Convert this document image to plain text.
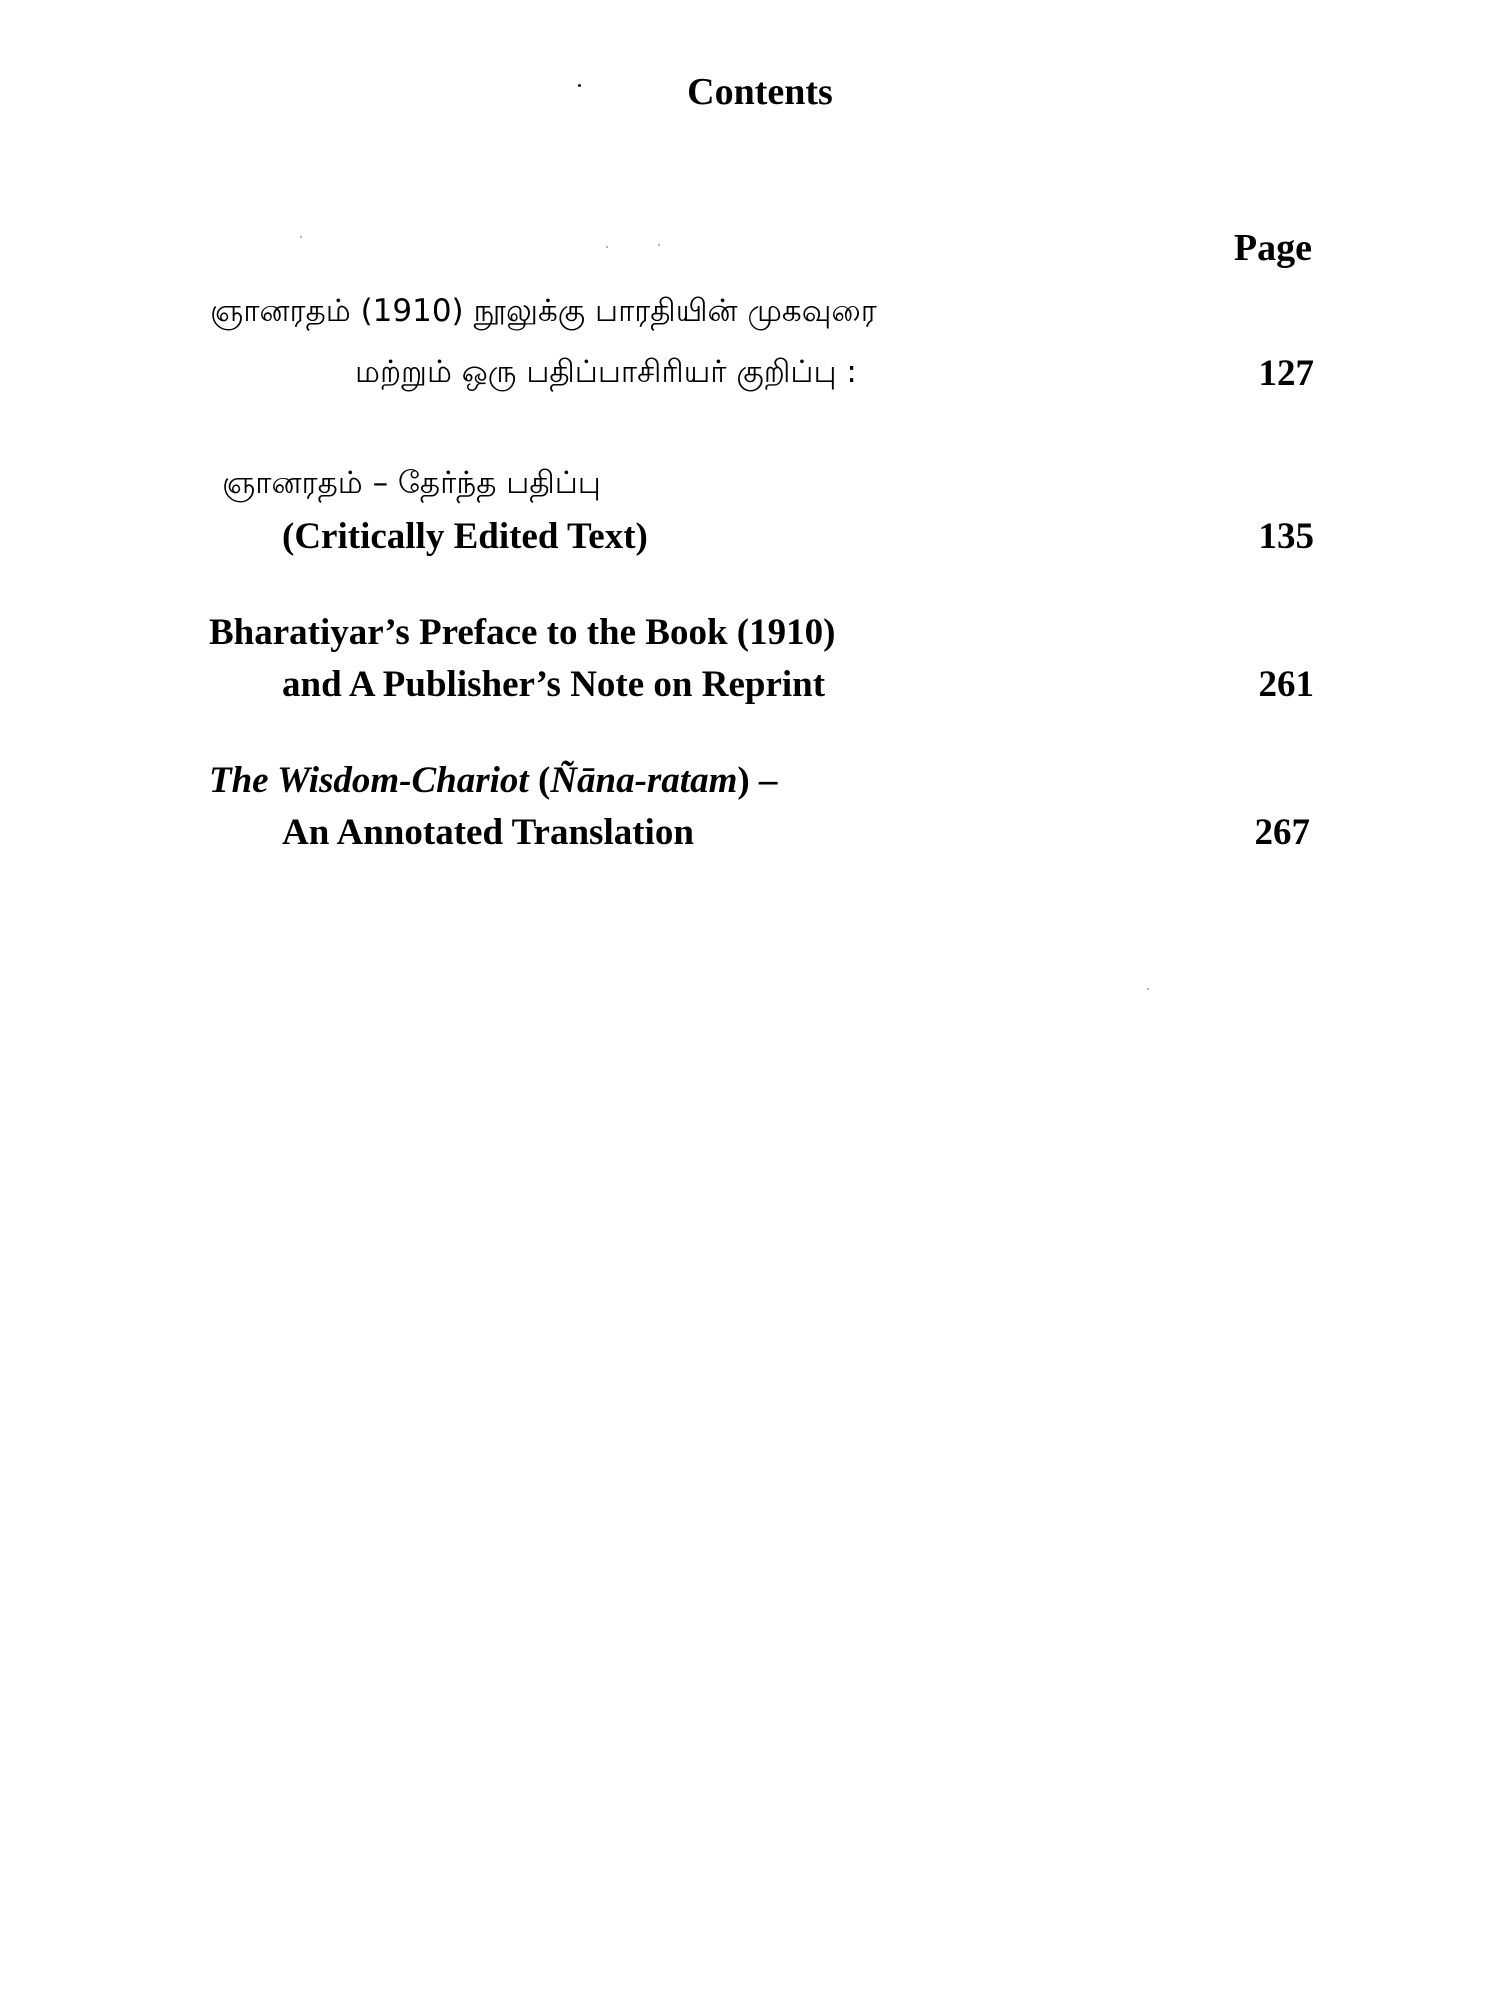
Contents
Page
ஞானரதம் (1910) நூலுக்கு பாரதியின் முகவுரை
மற்றும் ஒரு பதிப்பாசிரியர் குறிப்பு :	127
ஞானரதம் – தேர்ந்த பதிப்பு
(Critically Edited Text)	135
Bharatiyar’s Preface to the Book (1910)
and A Publisher’s Note on Reprint	261
The Wisdom-Chariot (Ñāna-ratam) –
An Annotated Translation	267
